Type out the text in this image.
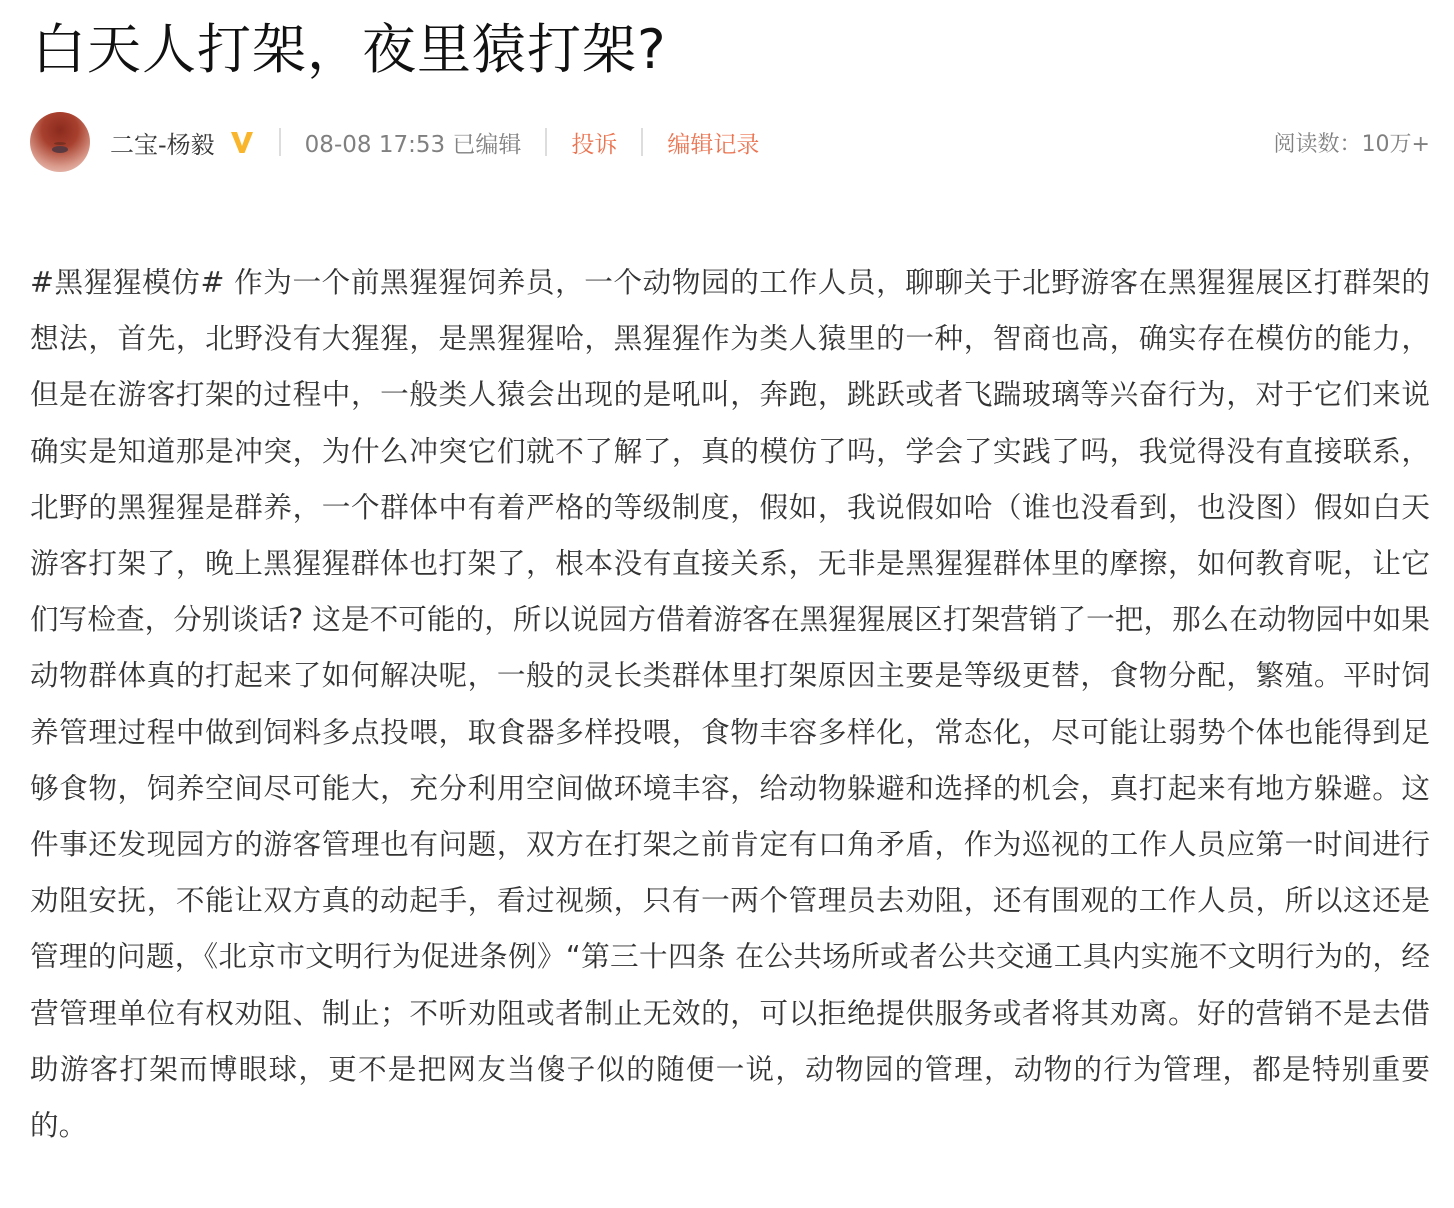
白天人打架，夜里猿打架?
二宝-杨毅	08-08 17:53 已编辑 投诉 编辑记录	阅读数：10万+

#黑猩猩模仿# 作为一个前黑猩猩饲养员，一个动物园的工作人员，聊聊关于北野游客在黑猩猩展区打群架的想法，首先，北野没有大猩猩，是黑猩猩哈，黑猩猩作为类人猿里的一种，智商也高，确实存在模仿的能力，但是在游客打架的过程中，一般类人猿会出现的是吼叫，奔跑，跳跃或者飞踹玻璃等兴奋行为，对于它们来说确实是知道那是冲突，为什么冲突它们就不了解了，真的模仿了吗，学会了实践了吗，我觉得没有直接联系，北野的黑猩猩是群养，一个群体中有着严格的等级制度，假如，我说假如哈（谁也没看到，也没图）假如白天游客打架了，晚上黑猩猩群体也打架了，根本没有直接关系，无非是黑猩猩群体里的摩擦，如何教育呢，让它们写检查，分别谈话? 这是不可能的，所以说园方借着游客在黑猩猩展区打架营销了一把，那么在动物园中如果动物群体真的打起来了如何解决呢，一般的灵长类群体里打架原因主要是等级更替，食物分配，繁殖。平时饲养管理过程中做到饲料多点投喂，取食器多样投喂，食物丰容多样化，常态化，尽可能让弱势个体也能得到足够食物，饲养空间尽可能大，充分利用空间做环境丰容，给动物躲避和选择的机会，真打起来有地方躲避。这件事还发现园方的游客管理也有问题，双方在打架之前肯定有口角矛盾，作为巡视的工作人员应第一时间进行劝阻安抚，不能让双方真的动起手，看过视频，只有一两个管理员去劝阻，还有围观的工作人员，所以这还是管理的问题，《北京市文明行为促进条例》“第三十四条 在公共场所或者公共交通工具内实施不文明行为的，经营管理单位有权劝阻、制止；不听劝阻或者制止无效的，可以拒绝提供服务或者将其劝离。好的营销不是去借助游客打架而博眼球，更不是把网友当傻子似的随便一说，动物园的管理，动物的行为管理，都是特别重要的。
